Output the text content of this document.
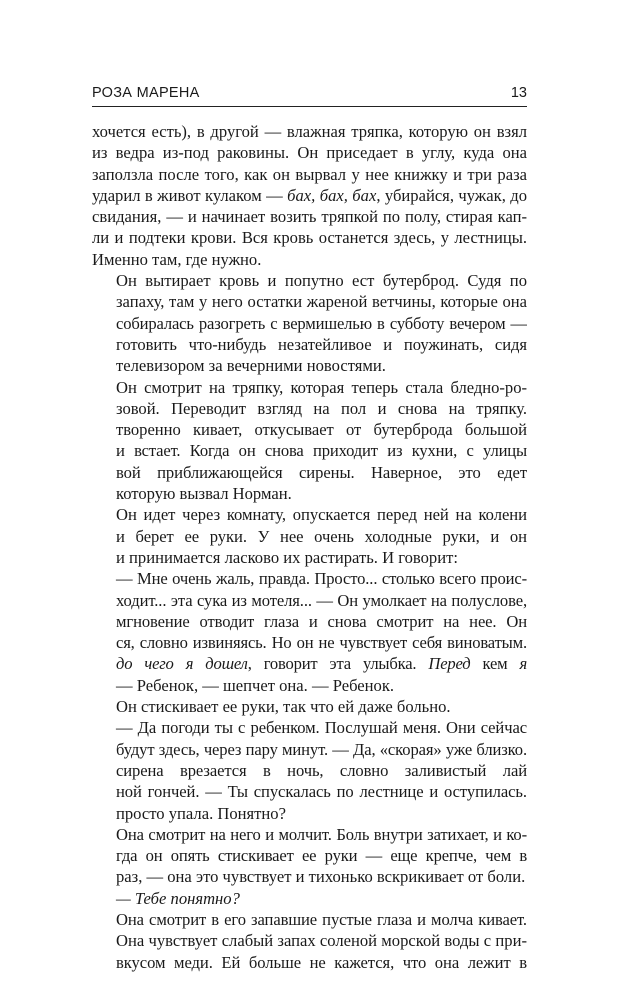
РОЗА МАРЕНА	13

хочется есть), в другой — влажная тряпка, которую он взял
из ведра из-под раковины. Он приседает в углу, куда она
заползла после того, как он вырвал у нее книжку и три раза
ударил в живот кулаком — бах, бах, бах, убирайся, чужак, до
свидания, — и начинает возить тряпкой по полу, стирая кап-
ли и подтеки крови. Вся кровь останется здесь, у лестницы.
Именно там, где нужно.

Он вытирает кровь и попутно ест бутерброд. Судя по
запаху, там у него остатки жареной ветчины, которые она
собиралась разогреть с вермишелью в субботу вечером —
готовить что-нибудь незатейливое и поужинать, сидя
телевизором за вечерними новостями.

Он смотрит на тряпку, которая теперь стала бледно-ро-
зовой. Переводит взгляд на пол и снова на тряпку.
творенно кивает, откусывает от бутерброда большой
и встает. Когда он снова приходит из кухни, с улицы
вой приближающейся сирены. Наверное, это едет
которую вызвал Норман.

Он идет через комнату, опускается перед ней на колени
и берет ее руки. У нее очень холодные руки, и он
и принимается ласково их растирать. И говорит:

— Мне очень жаль, правда. Просто... столько всего проис-
ходит... эта сука из мотеля... — Он умолкает на полуслове,
мгновение отводит глаза и снова смотрит на нее. Он
ся, словно извиняясь. Но он не чувствует себя виноватым.
до чего я дошел, говорит эта улыбка. Перед кем я

— Ребенок, — шепчет она. — Ребенок.

Он стискивает ее руки, так что ей даже больно.

— Да погоди ты с ребенком. Послушай меня. Они сейчас
будут здесь, через пару минут. — Да, «скорая» уже близко.
сирена врезается в ночь, словно заливистый лай
ной гончей. — Ты спускалась по лестнице и оступилась.
просто упала. Понятно?

Она смотрит на него и молчит. Боль внутри затихает, и ко-
гда он опять стискивает ее руки — еще крепче, чем в
раз, — она это чувствует и тихонько вскрикивает от боли.

— Тебе понятно?

Она смотрит в его запавшие пустые глаза и молча кивает.
Она чувствует слабый запах соленой морской воды с при-
вкусом меди. Ей больше не кажется, что она лежит в
